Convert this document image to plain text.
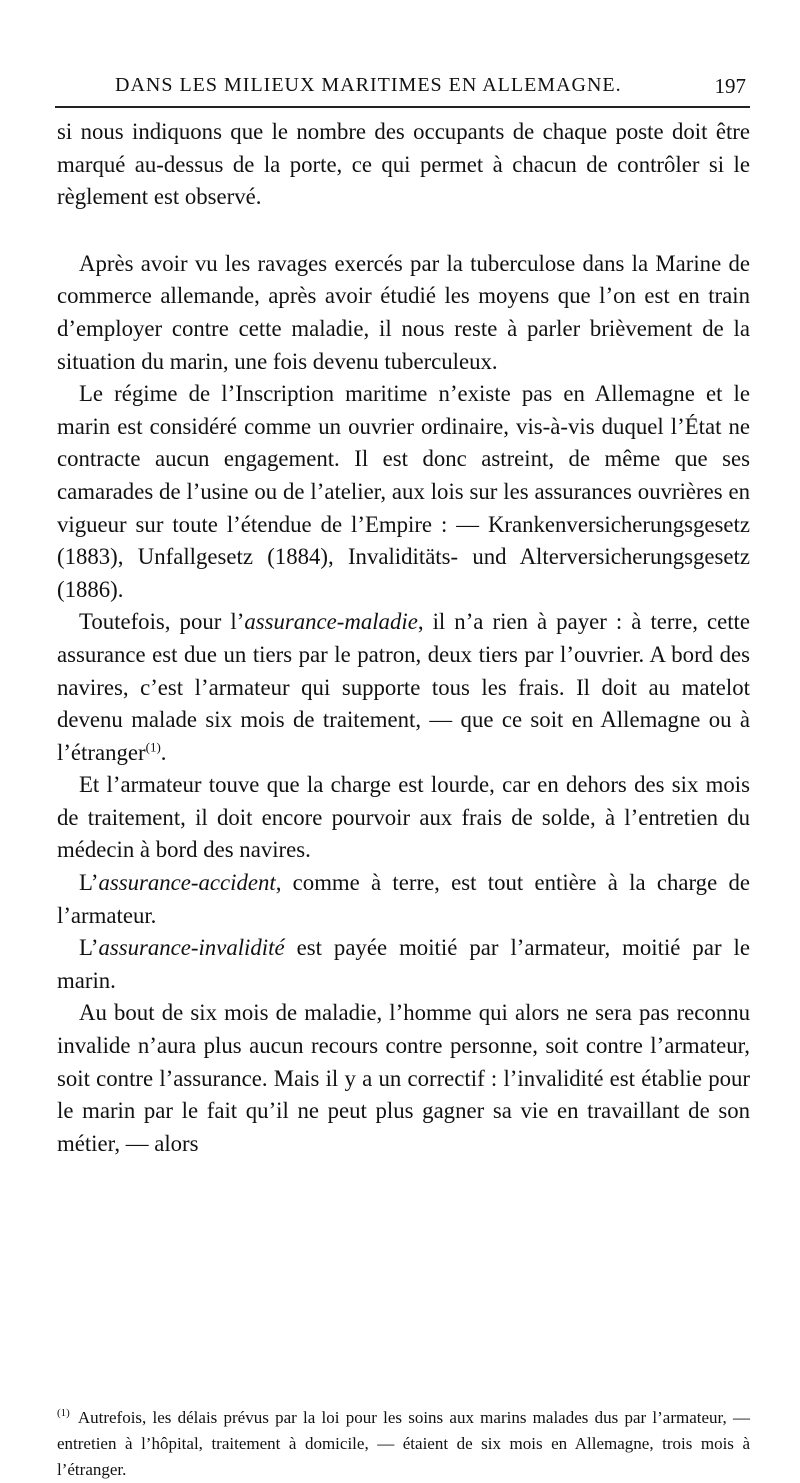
DANS LES MILIEUX MARITIMES EN ALLEMAGNE.	197

si nous indiquons que le nombre des occupants de chaque poste doit être marqué au-dessus de la porte, ce qui permet à chacun de contrôler si le règlement est observé.

Après avoir vu les ravages exercés par la tuberculose dans la Marine de commerce allemande, après avoir étudié les moyens que l’on est en train d’employer contre cette maladie, il nous reste à parler brièvement de la situation du marin, une fois devenu tuberculeux.

Le régime de l’Inscription maritime n’existe pas en Allemagne et le marin est considéré comme un ouvrier ordinaire, vis-à-vis duquel l’État ne contracte aucun engagement. Il est donc astreint, de même que ses camarades de l’usine ou de l’atelier, aux lois sur les assurances ouvrières en vigueur sur toute l’étendue de l’Empire : — Krankenversicherungsgesetz (1883), Unfallgesetz (1884), Invaliditäts- und Alterversicherungsgesetz (1886).

Toutefois, pour l’assurance-maladie, il n’a rien à payer : à terre, cette assurance est due un tiers par le patron, deux tiers par l’ouvrier. A bord des navires, c’est l’armateur qui supporte tous les frais. Il doit au matelot devenu malade six mois de traitement, — que ce soit en Allemagne ou à l’étranger$^{(1)}$.

Et l’armateur touve que la charge est lourde, car en dehors des six mois de traitement, il doit encore pourvoir aux frais de solde, à l’entretien du médecin à bord des navires.

L’assurance-accident, comme à terre, est tout entière à la charge de l’armateur.

L’assurance-invalidité est payée moitié par l’armateur, moitié par le marin.

Au bout de six mois de maladie, l’homme qui alors ne sera pas reconnu invalide n’aura plus aucun recours contre personne, soit contre l’armateur, soit contre l’assurance. Mais il y a un correctif : l’invalidité est établie pour le marin par le fait qu’il ne peut plus gagner sa vie en travaillant de son métier, — alors

$^{(1)}$ Autrefois, les délais prévus par la loi pour les soins aux marins malades dus par l’armateur, — entretien à l’hôpital, traitement à domicile, — étaient de six mois en Allemagne, trois mois à l’étranger.
